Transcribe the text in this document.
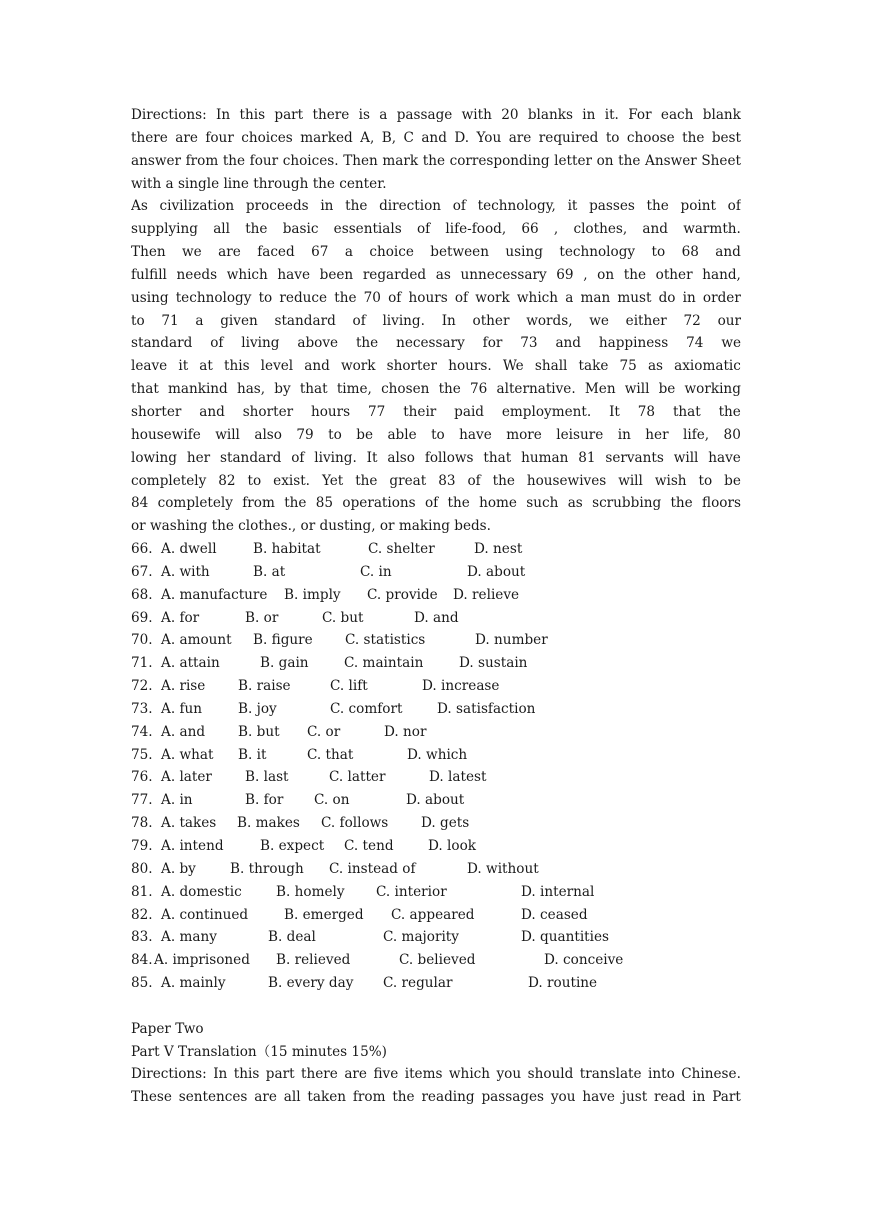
Directions: In this part there is a passage with 20 blanks in it. For each blank
there are four choices marked A, B, C and D. You are required to choose the best
answer from the four choices. Then mark the corresponding letter on the Answer Sheet
with a single line through the center.
As civilization proceeds in the direction of technology, it passes the point of
supplying all the basic essentials of life-food, 66 , clothes, and warmth.
Then we are faced 67 a choice between using technology to 68 and
fulfill needs which have been regarded as unnecessary 69 , on the other hand,
using technology to reduce the 70 of hours of work which a man must do in order
to 71 a given standard of living. In other words, we either 72 our
standard of living above the necessary for 73 and happiness 74 we
leave it at this level and work shorter hours. We shall take 75 as axiomatic
that mankind has, by that time, chosen the 76 alternative. Men will be working
shorter and shorter hours 77 their paid employment. It 78 that the
housewife will also 79 to be able to have more leisure in her life, 80
lowing her standard of living. It also follows that human 81 servants will have
completely 82 to exist. Yet the great 83 of the housewives will wish to be
84 completely from the 85 operations of the home such as scrubbing the floors
or washing the clothes., or dusting, or making beds.
66. A. dwell	B. habitat	C. shelter	D. nest
67. A. with	B. at	C. in	D. about
68. A. manufacture	B. imply	C. provide	D. relieve
69. A. for	B. or	C. but	D. and
70. A. amount	B. figure	C. statistics	D. number
71. A. attain	B. gain	C. maintain	D. sustain
72. A. rise	B. raise	C. lift	D. increase
73. A. fun	B. joy	C. comfort	D. satisfaction
74. A. and	B. but	C. or	D. nor
75. A. what	B. it	C. that	D. which
76. A. later	B. last	C. latter	D. latest
77. A. in	B. for	C. on	D. about
78. A. takes	B. makes	C. follows	D. gets
79. A. intend	B. expect	C. tend	D. look
80. A. by	B. through	C. instead of	D. without
81. A. domestic	B. homely	C. interior	D. internal
82. A. continued	B. emerged	C. appeared	D. ceased
83. A. many	B. deal	C. majority	D. quantities
84. A. imprisoned	B. relieved	C. believed	D. conceive
85. A. mainly	B. every day	C. regular	D. routine
Paper Two
Part V Translation（15 minutes 15%)
Directions: In this part there are five items which you should translate into Chinese.
These sentences are all taken from the reading passages you have just read in Part
